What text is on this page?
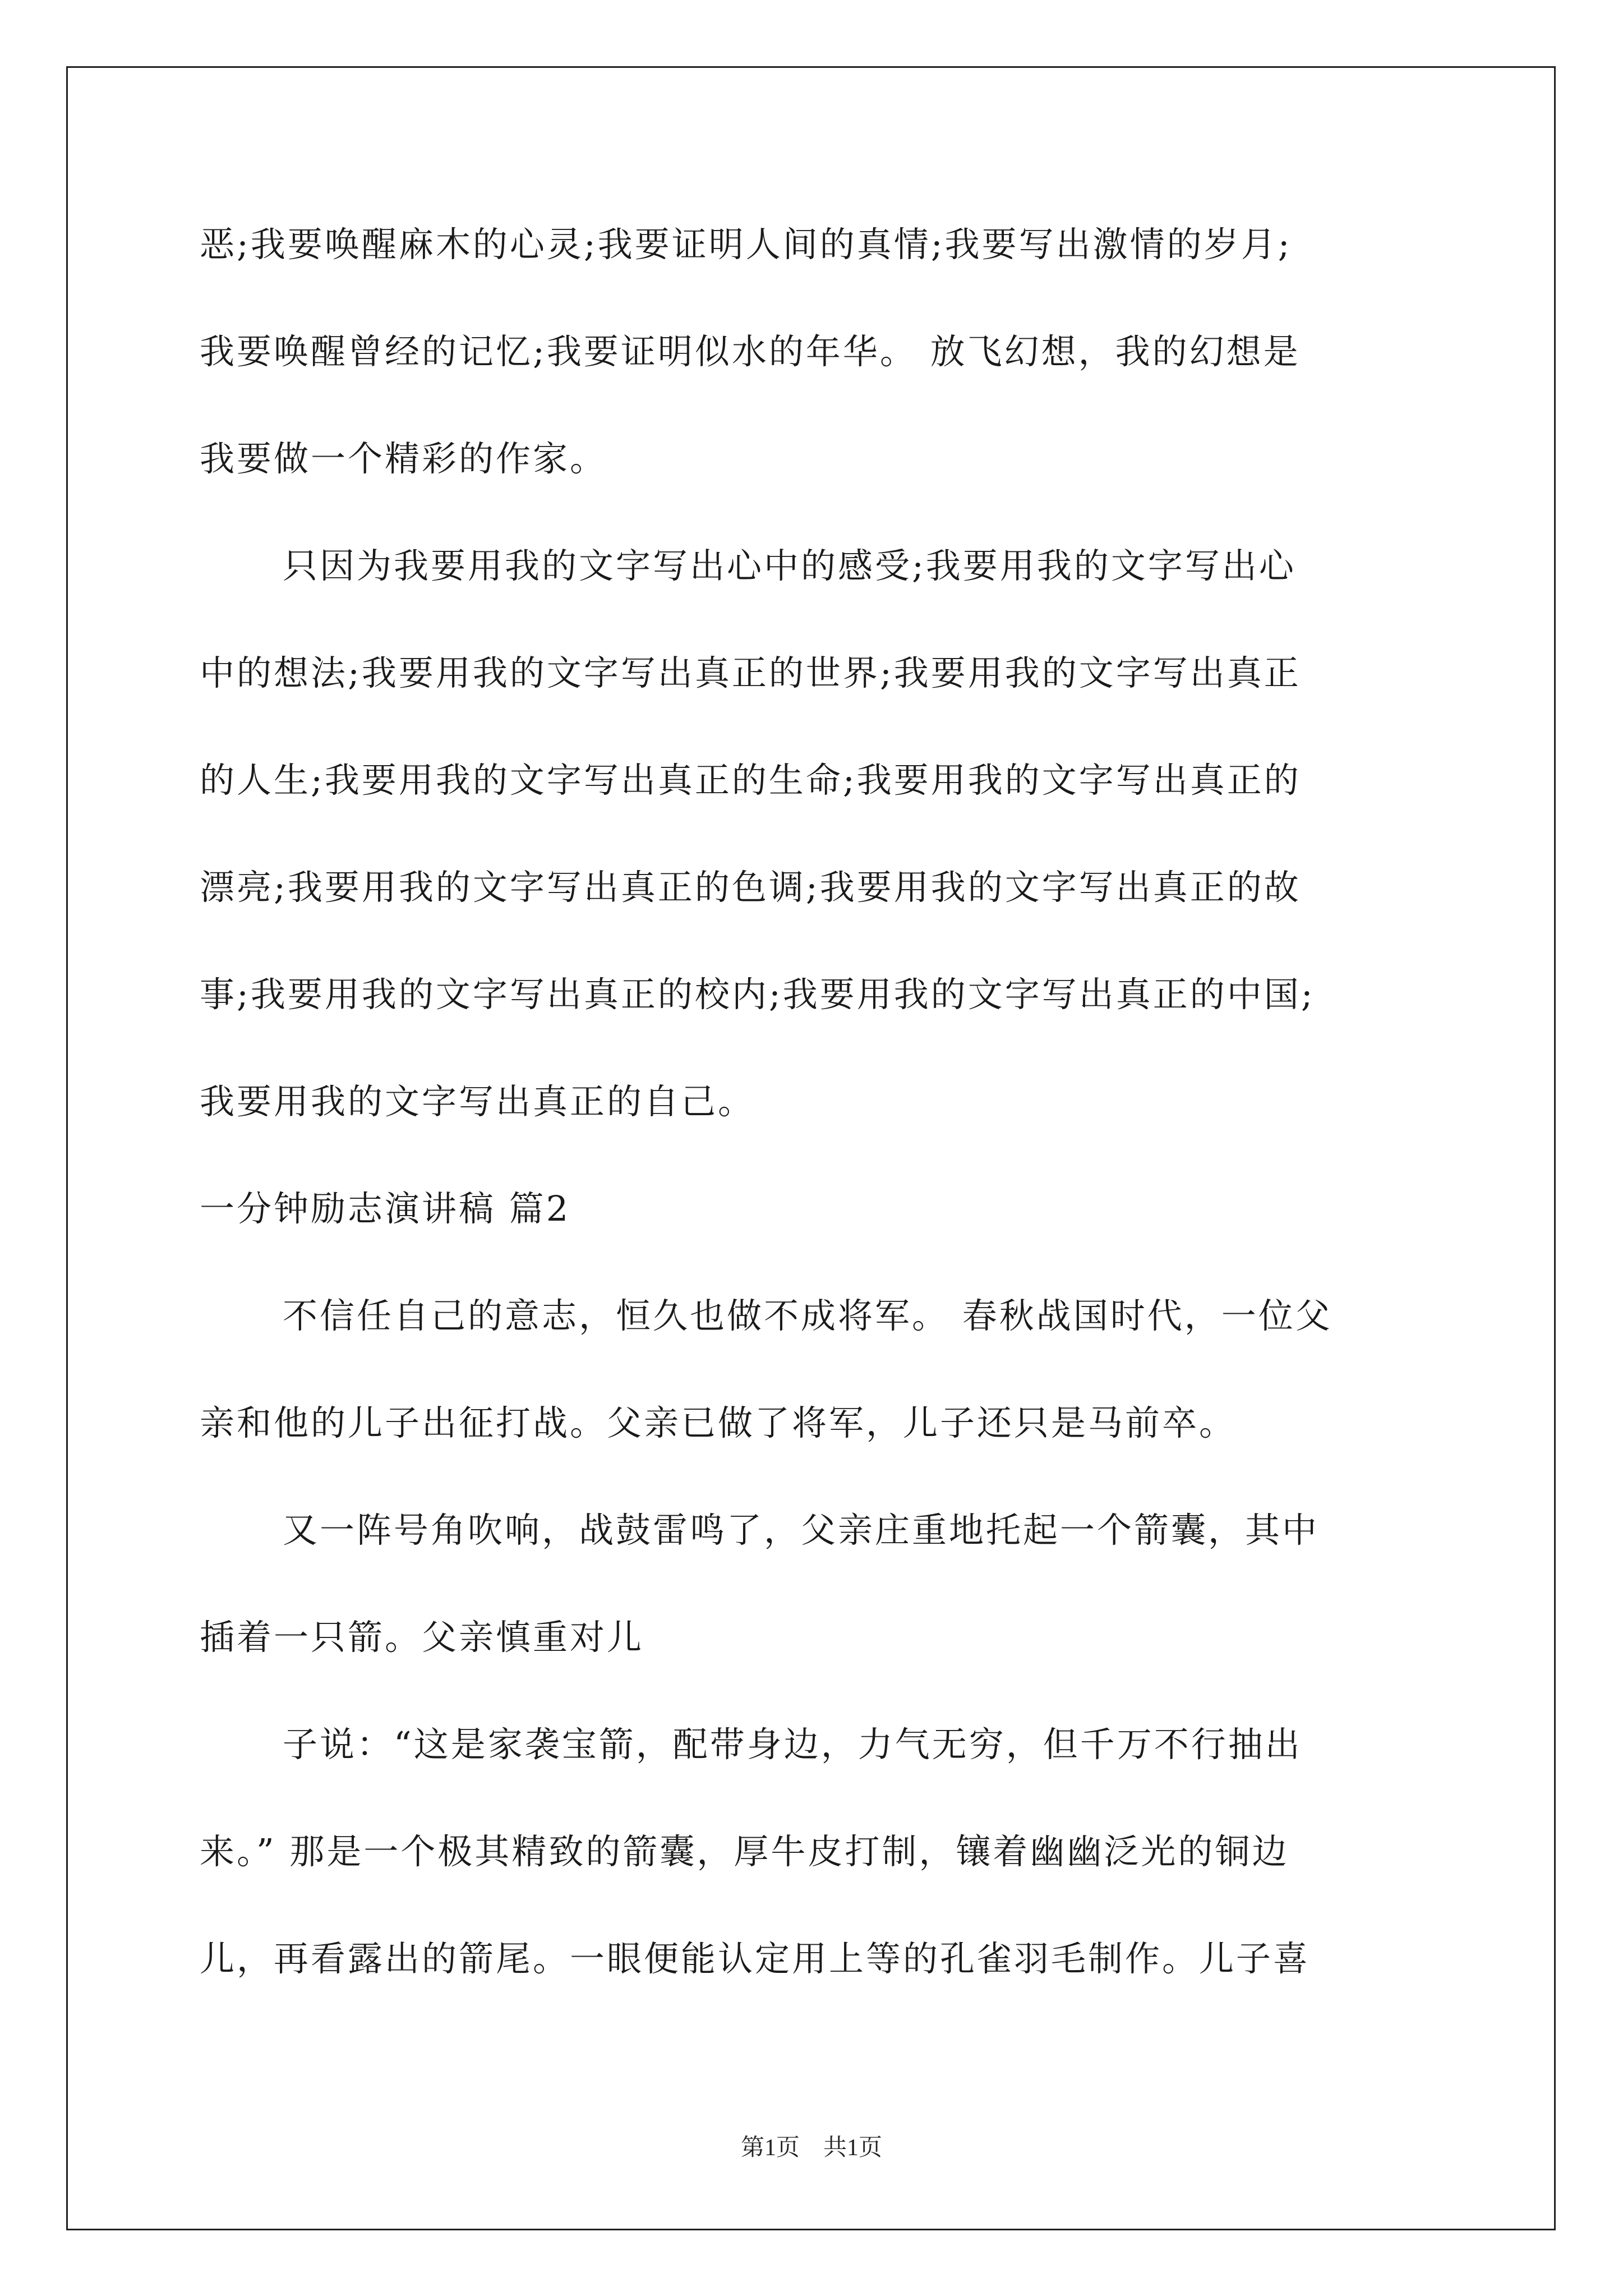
恶;我要唤醒麻木的心灵;我要证明人间的真情;我要写出激情的岁月;
我要唤醒曾经的记忆;我要证明似水的年华。 放飞幻想，我的幻想是
我要做一个精彩的作家。
只因为我要用我的文字写出心中的感受;我要用我的文字写出心
中的想法;我要用我的文字写出真正的世界;我要用我的文字写出真正
的人生;我要用我的文字写出真正的生命;我要用我的文字写出真正的
漂亮;我要用我的文字写出真正的色调;我要用我的文字写出真正的故
事;我要用我的文字写出真正的校内;我要用我的文字写出真正的中国;
我要用我的文字写出真正的自己。
一分钟励志演讲稿 篇2
不信任自己的意志，恒久也做不成将军。 春秋战国时代，一位父
亲和他的儿子出征打战。父亲已做了将军，儿子还只是马前卒。
又一阵号角吹响，战鼓雷鸣了，父亲庄重地托起一个箭囊，其中
插着一只箭。父亲慎重对儿
子说：“这是家袭宝箭，配带身边，力气无穷，但千万不行抽出
来。” 那是一个极其精致的箭囊，厚牛皮打制，镶着幽幽泛光的铜边
儿，再看露出的箭尾。一眼便能认定用上等的孔雀羽毛制作。儿子喜
第1页　共1页
